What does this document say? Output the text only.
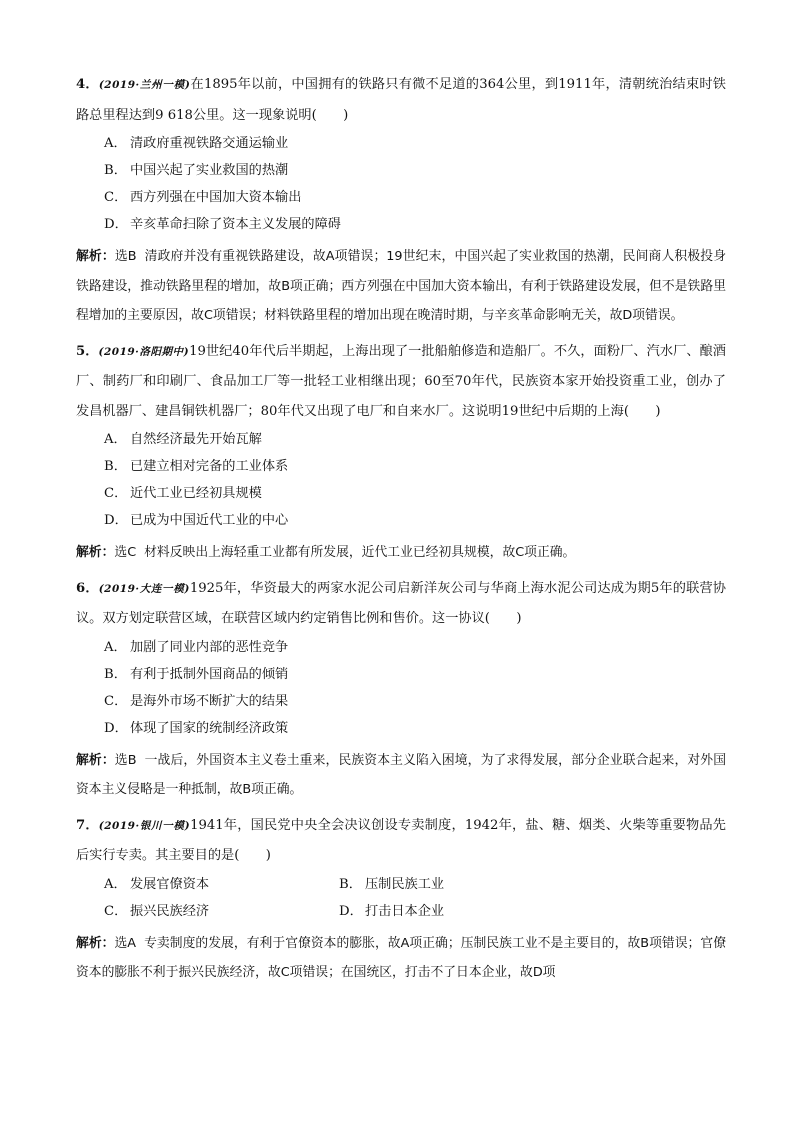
4．(2019·兰州一模)在1895年以前，中国拥有的铁路只有微不足道的364公里，到1911年，清朝统治结束时铁路总里程达到9 618公里。这一现象说明(　　)
A． 清政府重视铁路交通运输业
B． 中国兴起了实业救国的热潮
C． 西方列强在中国加大资本输出
D． 辛亥革命扫除了资本主义发展的障碍
解析：选B 清政府并没有重视铁路建设，故A项错误；19世纪末，中国兴起了实业救国的热潮，民间商人积极投身铁路建设，推动铁路里程的增加，故B项正确；西方列强在中国加大资本输出，有利于铁路建设发展，但不是铁路里程增加的主要原因，故C项错误；材料铁路里程的增加出现在晚清时期，与辛亥革命影响无关，故D项错误。
5．(2019·洛阳期中)19世纪40年代后半期起，上海出现了一批船舶修造和造船厂。不久，面粉厂、汽水厂、酿酒厂、制药厂和印刷厂、食品加工厂等一批轻工业相继出现；60至70年代，民族资本家开始投资重工业，创办了发昌机器厂、建昌铜铁机器厂；80年代又出现了电厂和自来水厂。这说明19世纪中后期的上海(　　)
A． 自然经济最先开始瓦解
B． 已建立相对完备的工业体系
C． 近代工业已经初具规模
D． 已成为中国近代工业的中心
解析：选C 材料反映出上海轻重工业都有所发展，近代工业已经初具规模，故C项正确。
6．(2019·大连一模)1925年，华资最大的两家水泥公司启新洋灰公司与华商上海水泥公司达成为期5年的联营协议。双方划定联营区域，在联营区域内约定销售比例和售价。这一协议(　　)
A． 加剧了同业内部的恶性竞争
B． 有利于抵制外国商品的倾销
C． 是海外市场不断扩大的结果
D． 体现了国家的统制经济政策
解析：选B 一战后，外国资本主义卷土重来，民族资本主义陷入困境，为了求得发展，部分企业联合起来，对外国资本主义侵略是一种抵制，故B项正确。
7．(2019·银川一模)1941年，国民党中央全会决议创设专卖制度，1942年，盐、糖、烟类、火柴等重要物品先后实行专卖。其主要目的是(　　)
A． 发展官僚资本	B． 压制民族工业
C． 振兴民族经济	D． 打击日本企业
解析：选A 专卖制度的发展，有利于官僚资本的膨胀，故A项正确；压制民族工业不是主要目的，故B项错误；官僚资本的膨胀不利于振兴民族经济，故C项错误；在国统区，打击不了日本企业，故D项
